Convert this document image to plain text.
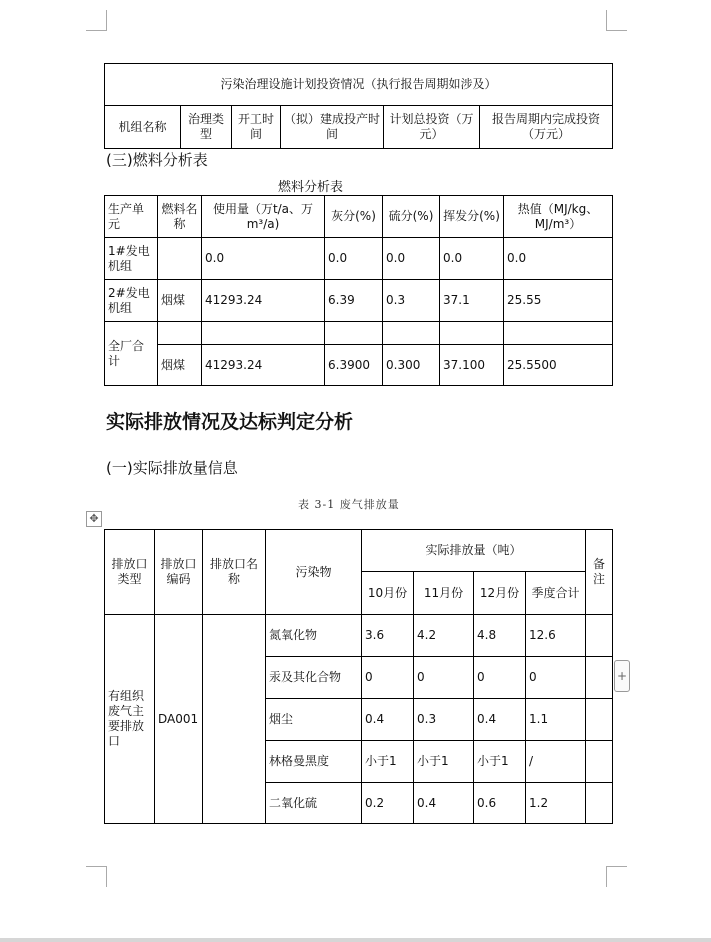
污染治理设施计划投资情况（执行报告周期如涉及）
机组名称	治理类型	开工时间	（拟）建成投产时间	计划总投资（万元）	报告周期内完成投资（万元）
(三)燃料分析表
燃料分析表
生产单元	燃料名称	使用量（万t/a、万m³/a)	灰分(%)	硫分(%)	挥发分(%)	热值（MJ/kg、MJ/m³）
1#发电机组		0.0	0.0	0.0	0.0	0.0
2#发电机组	烟煤	41293.24	6.39	0.3	37.1	25.55
全厂合计						
	烟煤	41293.24	6.3900	0.300	37.100	25.5500
实际排放情况及达标判定分析
(一)实际排放量信息
表 3-1 废气排放量
✥
排放口类型	排放口编码	排放口名称	污染物	实际排放量（吨）				备注
				10月份	11月份	12月份	季度合计	
有组织废气主要排放口	DA001		氮氧化物	3.6	4.2	4.8	12.6	
			汞及其化合物	0	0	0	0	
			烟尘	0.4	0.3	0.4	1.1	
			林格曼黑度	小于1	小于1	小于1	/	
			二氧化硫	0.2	0.4	0.6	1.2	
+
